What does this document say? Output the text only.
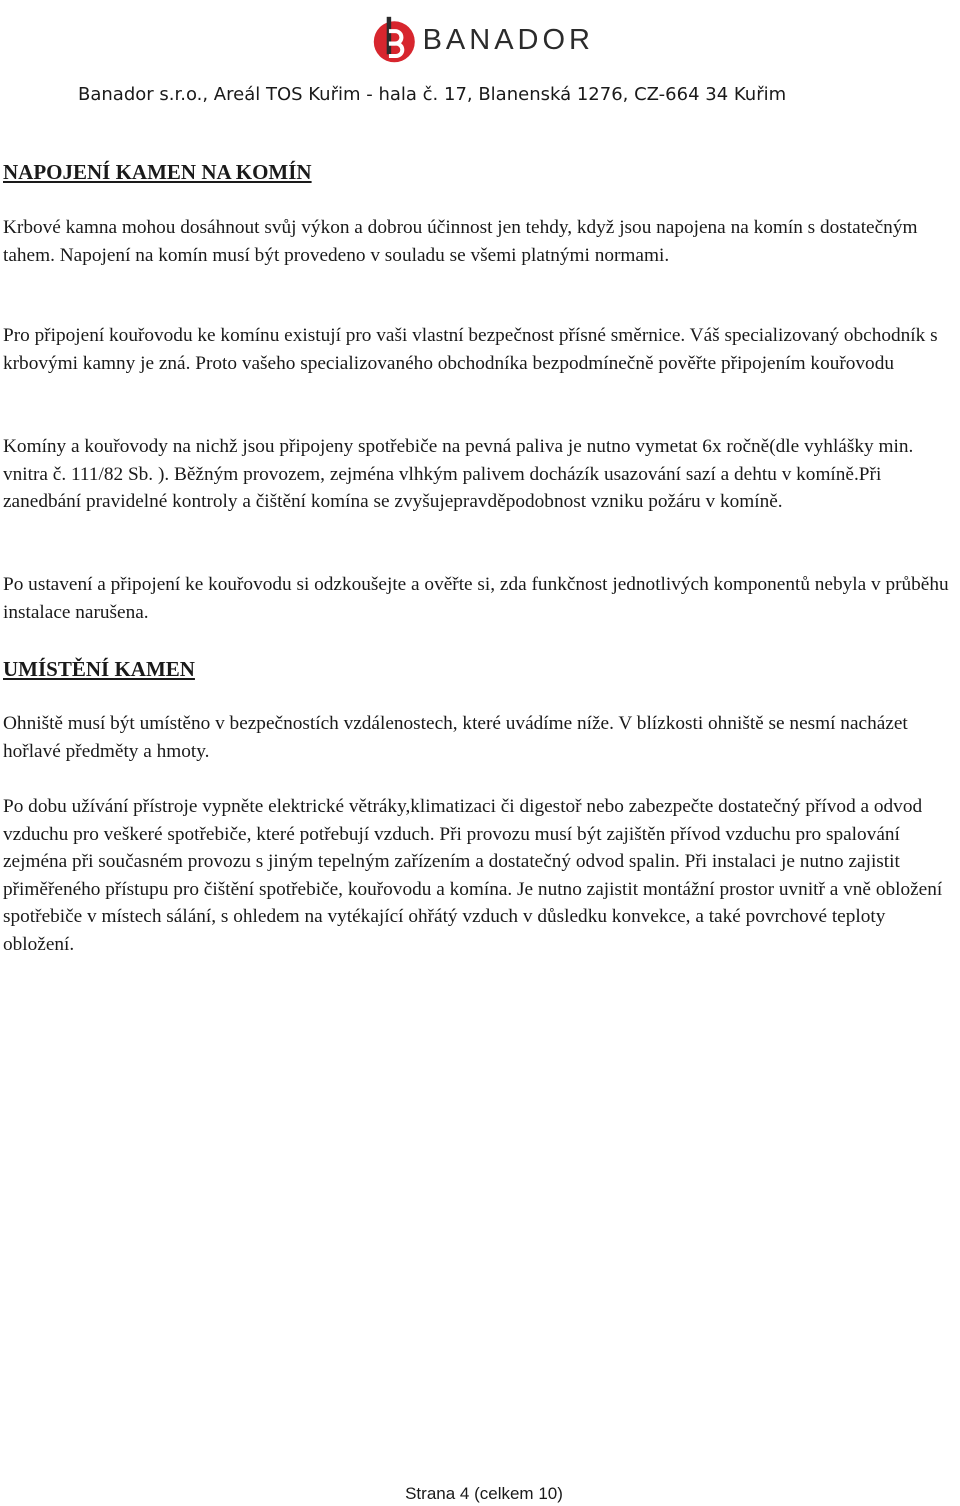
BANADOR
Banador s.r.o., Areál TOS Kuřim - hala č. 17, Blanenská 1276, CZ-664 34 Kuřim
NAPOJENÍ KAMEN NA KOMÍN

Krbové kamna mohou dosáhnout svůj výkon a dobrou účinnost jen tehdy, když jsou napojena na komín s dostatečným tahem. Napojení na komín musí být provedeno v souladu se všemi platnými normami.

Pro připojení kouřovodu ke komínu existují pro vaši vlastní bezpečnost přísné směrnice. Váš specializovaný obchodník s krbovými kamny je zná. Proto vašeho specializovaného obchodníka bezpodmínečně pověřte připojením kouřovodu

Komíny a kouřovody na nichž jsou připojeny spotřebiče na pevná paliva je nutno vymetat 6x ročně(dle vyhlášky min. vnitra č. 111/82 Sb. ). Běžným provozem, zejména vlhkým palivem docházík usazování sazí a dehtu v komíně.Při zanedbání pravidelné kontroly a čištění komína se zvyšujepravděpodobnost vzniku požáru v komíně.

Po ustavení a připojení ke kouřovodu si odzkoušejte a ověřte si, zda funkčnost jednotlivých komponentů nebyla v průběhu instalace narušena.

UMÍSTĚNÍ KAMEN

Ohniště musí být umístěno v bezpečnostích vzdálenostech, které uvádíme níže. V blízkosti ohniště se nesmí nacházet hořlavé předměty a hmoty.

Po dobu užívání přístroje vypněte elektrické větráky,klimatizaci či digestoř nebo zabezpečte dostatečný přívod a odvod vzduchu pro veškeré spotřebiče, které potřebují vzduch. Při provozu musí být zajištěn přívod vzduchu pro spalování zejména při současném provozu s jiným tepelným zařízením a dostatečný odvod spalin. Při instalaci je nutno zajistit přiměřeného přístupu pro čištění spotřebiče, kouřovodu a komína. Je nutno zajistit montážní prostor uvnitř a vně obložení spotřebiče v místech sálání, s ohledem na vytékající ohřátý vzduch v důsledku konvekce, a také povrchové teploty obložení.

Strana 4 (celkem 10)
